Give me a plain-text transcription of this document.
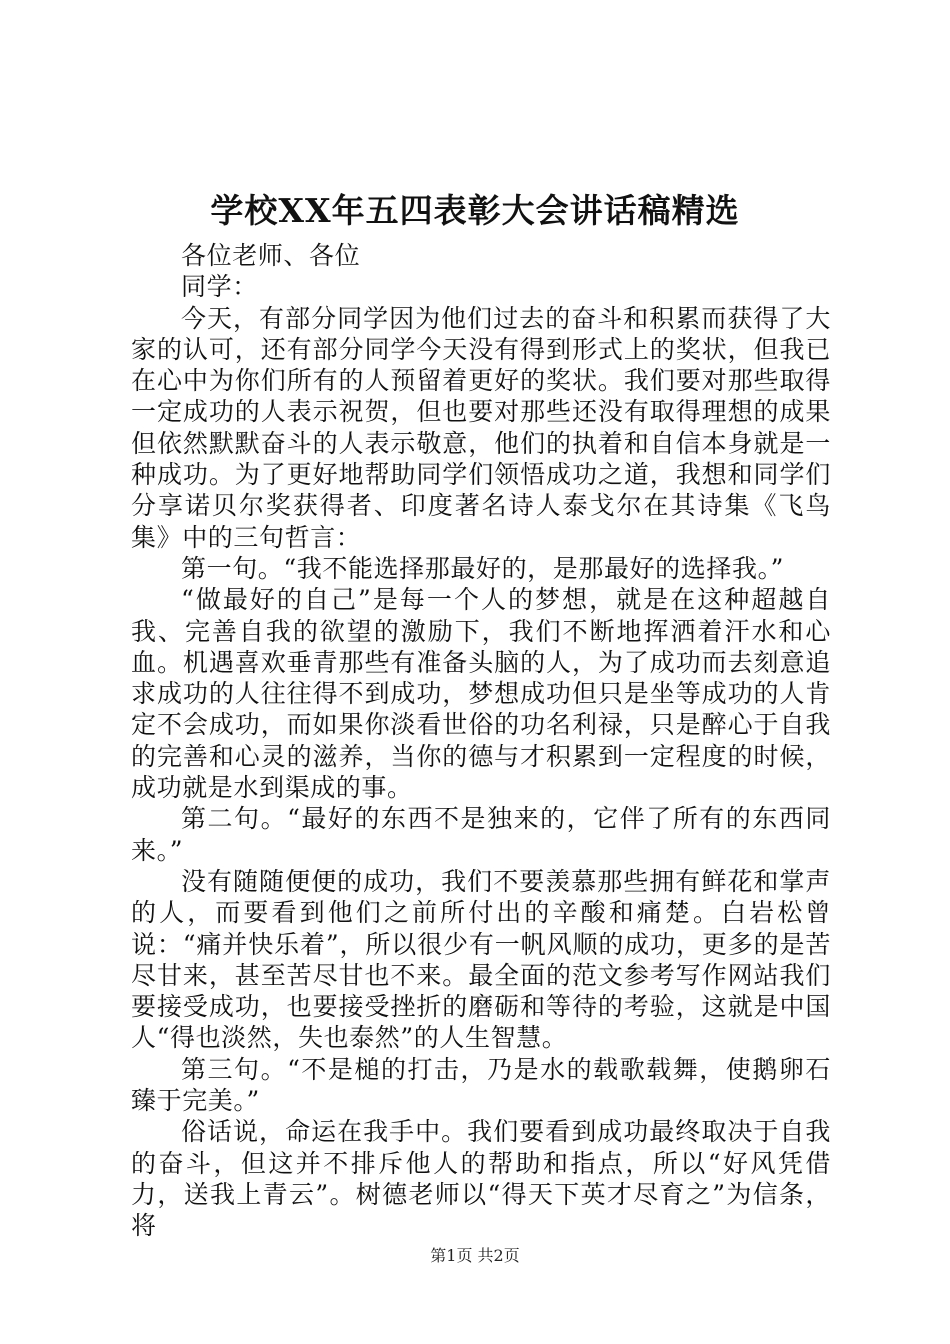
学校XX年五四表彰大会讲话稿精选

各位老师、各位

同学：

今天，有部分同学因为他们过去的奋斗和积累而获得了大家的认可，还有部分同学今天没有得到形式上的奖状，但我已在心中为你们所有的人预留着更好的奖状。我们要对那些取得一定成功的人表示祝贺，但也要对那些还没有取得理想的成果但依然默默奋斗的人表示敬意，他们的执着和自信本身就是一种成功。为了更好地帮助同学们领悟成功之道，我想和同学们分享诺贝尔奖获得者、印度著名诗人泰戈尔在其诗集《飞鸟集》中的三句哲言：

第一句。“我不能选择那最好的，是那最好的选择我。”

“做最好的自己”是每一个人的梦想，就是在这种超越自我、完善自我的欲望的激励下，我们不断地挥洒着汗水和心血。机遇喜欢垂青那些有准备头脑的人，为了成功而去刻意追求成功的人往往得不到成功，梦想成功但只是坐等成功的人肯定不会成功，而如果你淡看世俗的功名利禄，只是醉心于自我的完善和心灵的滋养，当你的德与才积累到一定程度的时候，成功就是水到渠成的事。

第二句。“最好的东西不是独来的，它伴了所有的东西同来。”

没有随随便便的成功，我们不要羡慕那些拥有鲜花和掌声的人，而要看到他们之前所付出的辛酸和痛楚。白岩松曾说：“痛并快乐着”，所以很少有一帆风顺的成功，更多的是苦尽甘来，甚至苦尽甘也不来。最全面的范文参考写作网站我们要接受成功，也要接受挫折的磨砺和等待的考验，这就是中国人“得也淡然，失也泰然”的人生智慧。

第三句。“不是槌的打击，乃是水的载歌载舞，使鹅卵石臻于完美。”

俗话说，命运在我手中。我们要看到成功最终取决于自我的奋斗，但这并不排斥他人的帮助和指点，所以“好风凭借力，送我上青云”。树德老师以“得天下英才尽育之”为信条，将

第1页 共2页
